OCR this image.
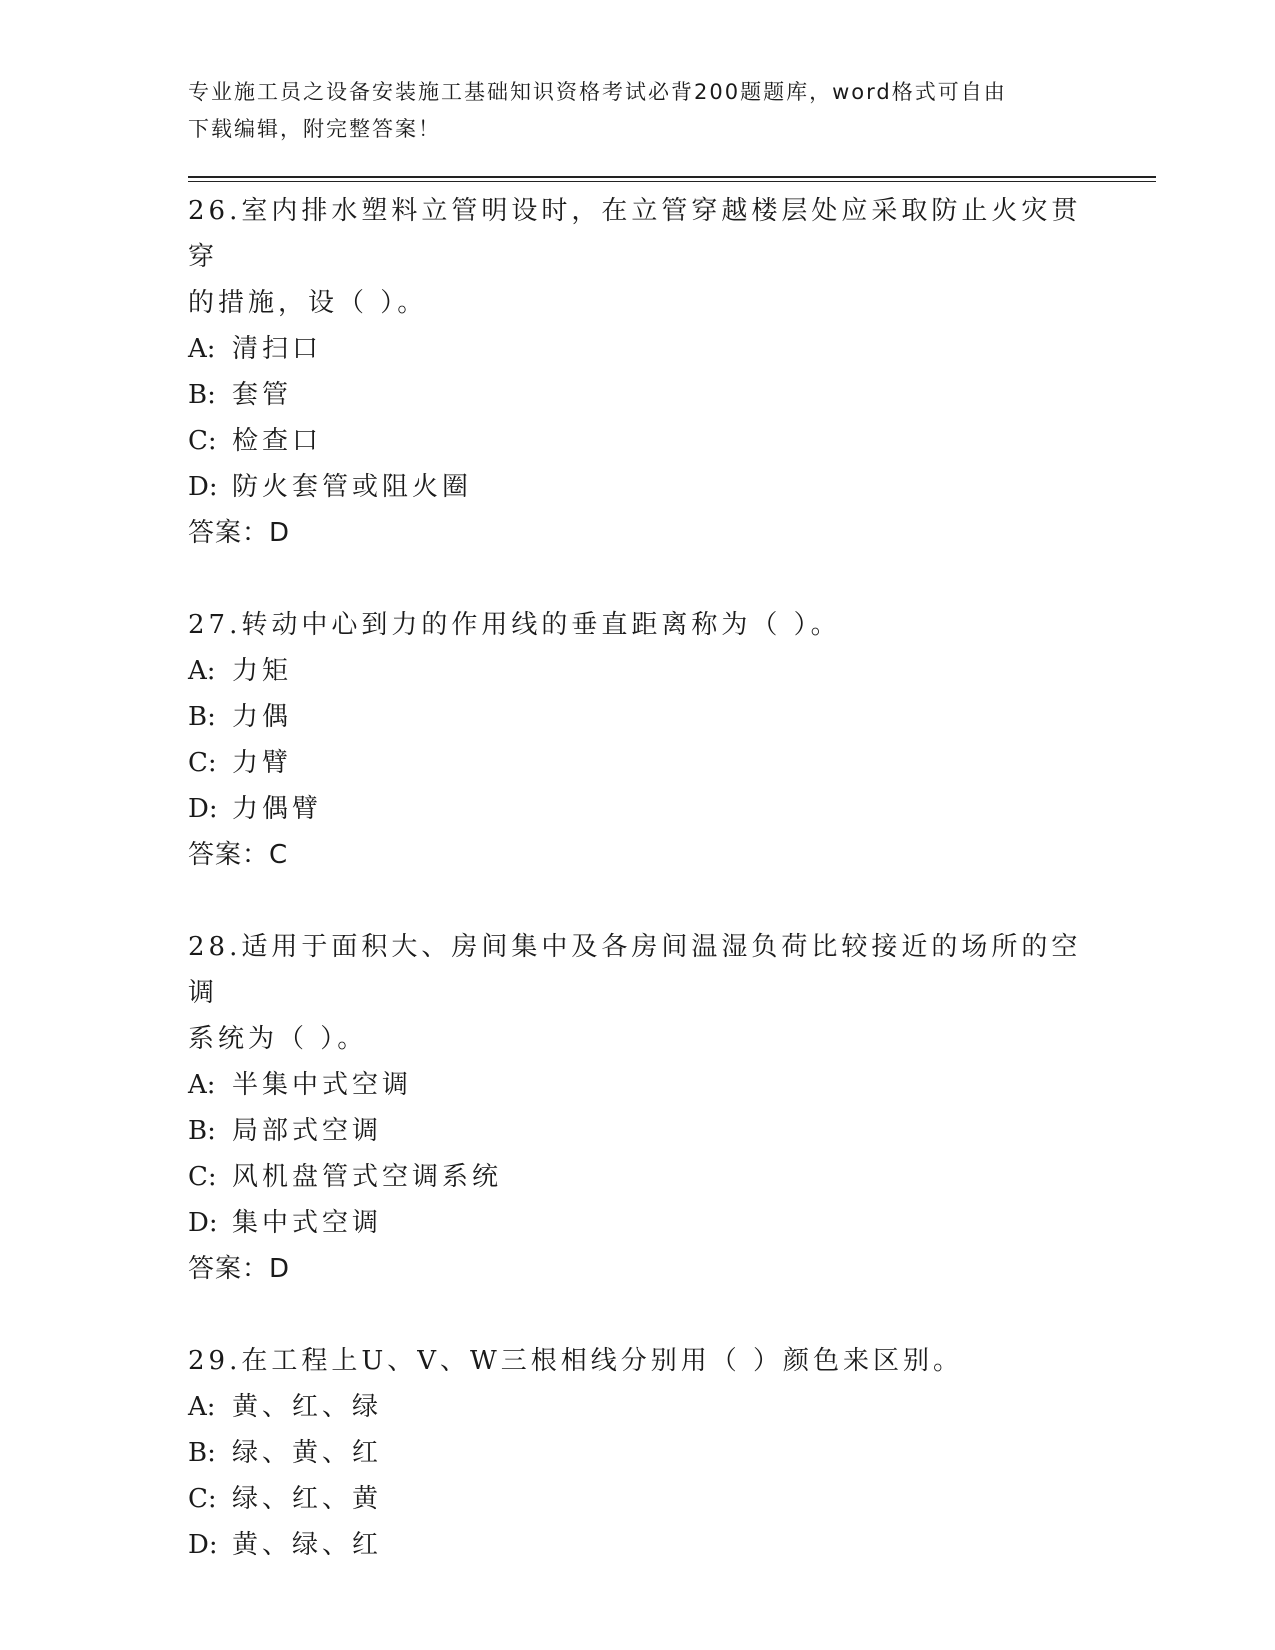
专业施工员之设备安装施工基础知识资格考试必背200题题库，word格式可自由
下载编辑，附完整答案！

26.室内排水塑料立管明设时，在立管穿越楼层处应采取防止火灾贯穿

的措施，设（ ）。

A: 清扫口

B: 套管

C: 检查口

D: 防火套管或阻火圈

答案：D

27.转动中心到力的作用线的垂直距离称为（ ）。

A: 力矩

B: 力偶

C: 力臂

D: 力偶臂

答案：C

28.适用于面积大、房间集中及各房间温湿负荷比较接近的场所的空调

系统为（ ）。

A: 半集中式空调

B: 局部式空调

C: 风机盘管式空调系统

D: 集中式空调

答案：D

29.在工程上U、V、W三根相线分别用（ ）颜色来区别。

A: 黄、红、绿

B: 绿、黄、红

C: 绿、红、黄

D: 黄、绿、红
